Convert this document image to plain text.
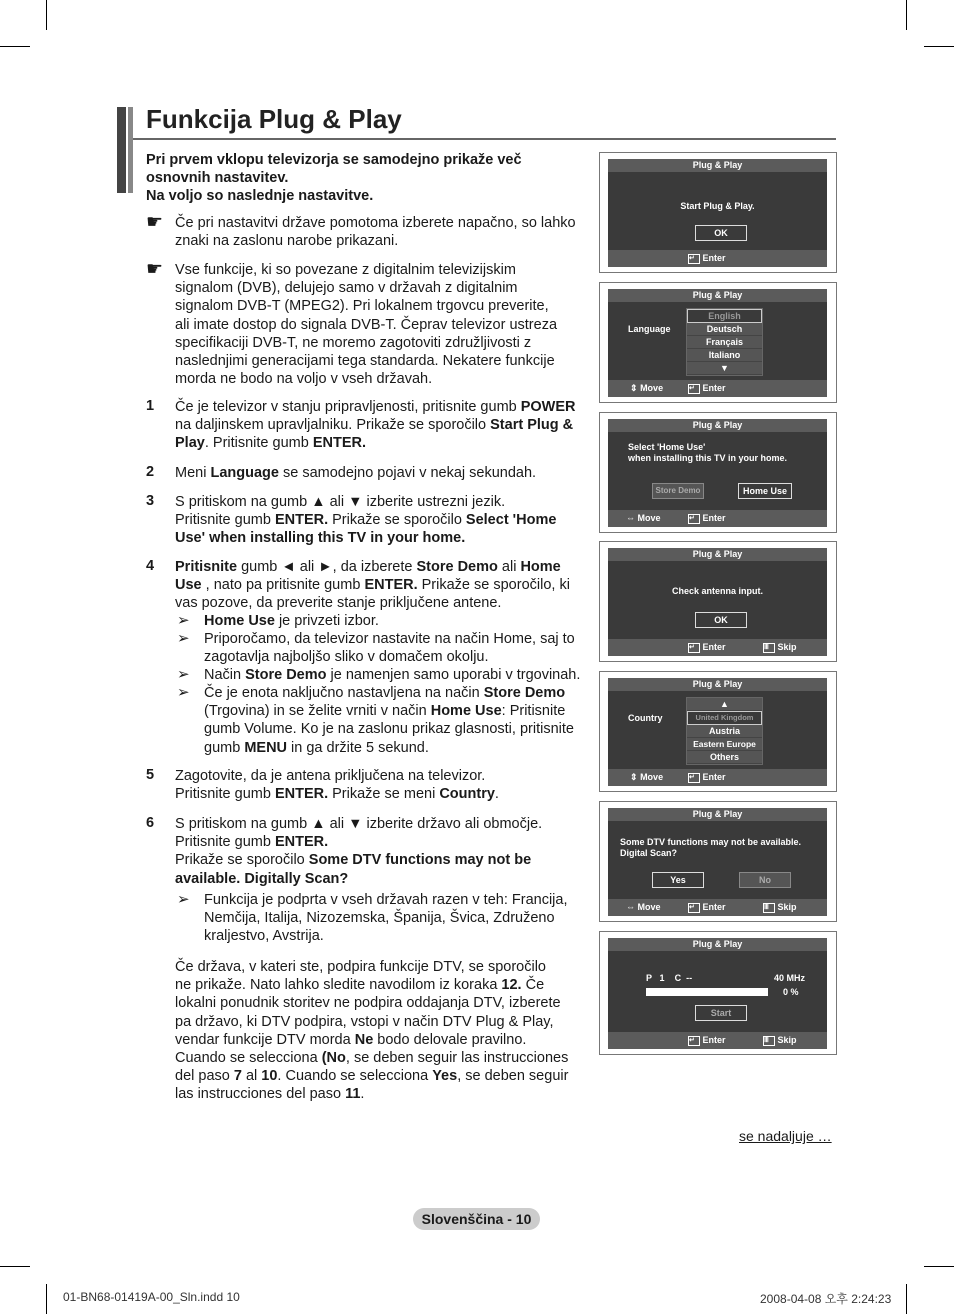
Funkcija Plug & Play
Pri prvem vklopu televizorja se samodejno prikaže več
osnovnih nastavitev.
Na voljo so naslednje nastavitve.
☛ Če pri nastavitvi države pomotoma izberete napačno, so lahko
znaki na zaslonu narobe prikazani.
☛ Vse funkcije, ki so povezane z digitalnim televizijskim
signalom (DVB), delujejo samo v državah z digitalnim
signalom DVB-T (MPEG2). Pri lokalnem trgovcu preverite,
ali imate dostop do signala DVB-T. Čeprav televizor ustreza
specifikaciji DVB-T, ne moremo zagotoviti združljivosti z
naslednjimi generacijami tega standarda. Nekatere funkcije
morda ne bodo na voljo v vseh državah.
1 Če je televizor v stanju pripravljenosti, pritisnite gumb POWER
na daljinskem upravljalniku. Prikaže se sporočilo Start Plug &
Play. Pritisnite gumb ENTER.
2 Meni Language se samodejno pojavi v nekaj sekundah.
3 S pritiskom na gumb ▲ ali ▼ izberite ustrezni jezik.
Pritisnite gumb ENTER. Prikaže se sporočilo Select 'Home
Use' when installing this TV in your home.
4 Pritisnite gumb ◄ ali ►, da izberete Store Demo ali Home
Use , nato pa pritisnite gumb ENTER. Prikaže se sporočilo, ki
vas pozove, da preverite stanje priključene antene.
➢ Home Use je privzeti izbor.
➢ Priporočamo, da televizor nastavite na način Home, saj to
zagotavlja najboljšo sliko v domačem okolju.
➢ Način Store Demo je namenjen samo uporabi v trgovinah.
➢ Če je enota naključno nastavljena na način Store Demo
(Trgovina) in se želite vrniti v način Home Use: Pritisnite
gumb Volume. Ko je na zaslonu prikaz glasnosti, pritisnite
gumb MENU in ga držite 5 sekund.
5 Zagotovite, da je antena priključena na televizor.
Pritisnite gumb ENTER. Prikaže se meni Country.
6 S pritiskom na gumb ▲ ali ▼ izberite državo ali območje.
Pritisnite gumb ENTER.
Prikaže se sporočilo Some DTV functions may not be
available. Digitally Scan?
➢ Funkcija je podprta v vseh državah razen v teh: Francija,
Nemčija, Italija, Nizozemska, Španija, Švica, Združeno
kraljestvo, Avstrija.
Če država, v kateri ste, podpira funkcije DTV, se sporočilo
ne prikaže. Nato lahko sledite navodilom iz koraka 12. Če
lokalni ponudnik storitev ne podpira oddajanja DTV, izberete
pa državo, ki DTV podpira, vstopi v način DTV Plug & Play,
vendar funkcije DTV morda Ne bodo delovale pravilno.
Cuando se selecciona (No, se deben seguir las instrucciones
del paso 7 al 10. Cuando se selecciona Yes, se deben seguir
las instrucciones del paso 11.
Plug & Play
Start Plug & Play.
OK
↵ Enter
Plug & Play
Language
English
Deutsch
Français
Italiano
▼
⇕ Move	↵ Enter
Plug & Play
Select 'Home Use'
when installing this TV in your home.
Store Demo	Home Use
⇔ Move	↵ Enter
Plug & Play
Check antenna input.
OK
↵ Enter	Ⅲ Skip
Plug & Play
Country
▲
United Kingdom
Austria
Eastern Europe
Others
⇕ Move	↵ Enter
Plug & Play
Some DTV functions may not be available.
Digital Scan?
Yes	No
⇔ Move	↵ Enter	Ⅲ Skip
Plug & Play
P 1 C --	40 MHz
0 %
Start
↵ Enter	Ⅲ Skip
se nadaljuje …
Slovenščina - 10
01-BN68-01419A-00_Sln.indd 10	2008-04-08 오후 2:24:23
